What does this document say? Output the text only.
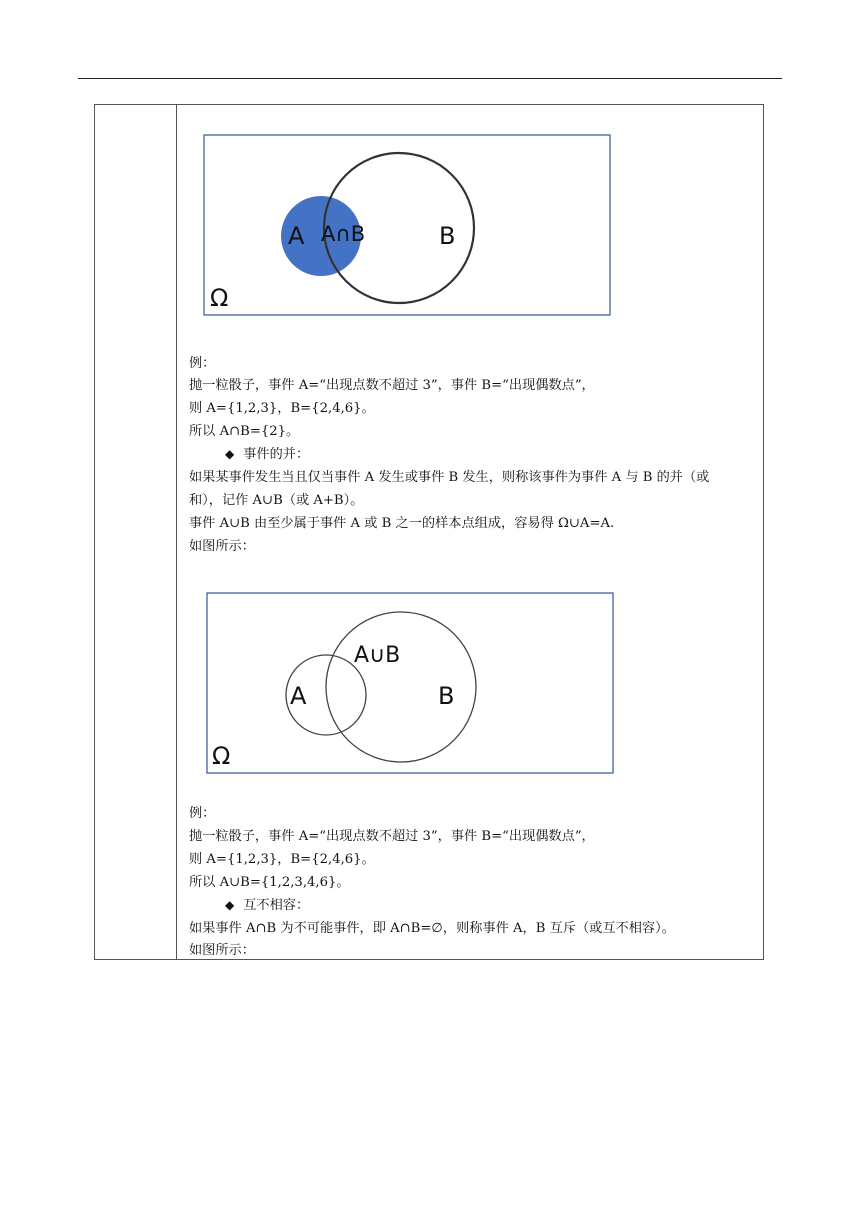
A A∩B	B
Ω
例：
抛一粒骰子，事件 A=“出现点数不超过 3”，事件 B=“出现偶数点”，
则 A={1,2,3}，B={2,4,6}。
所以 A∩B={2}。
◆ 事件的并：
如果某事件发生当且仅当事件 A 发生或事件 B 发生，则称该事件为事件 A 与 B 的并（或
和），记作 A∪B（或 A+B）。
事件 A∪B 由至少属于事件 A 或 B 之一的样本点组成，容易得 Ω∪A=A.
如图所示：
A
A∪B
B
Ω
例：
抛一粒骰子，事件 A=“出现点数不超过 3”，事件 B=“出现偶数点”，
则 A={1,2,3}，B={2,4,6}。
所以 A∪B={1,2,3,4,6}。
◆ 互不相容：
如果事件 A∩B 为不可能事件，即 A∩B=∅，则称事件 A，B 互斥（或互不相容）。
如图所示：
